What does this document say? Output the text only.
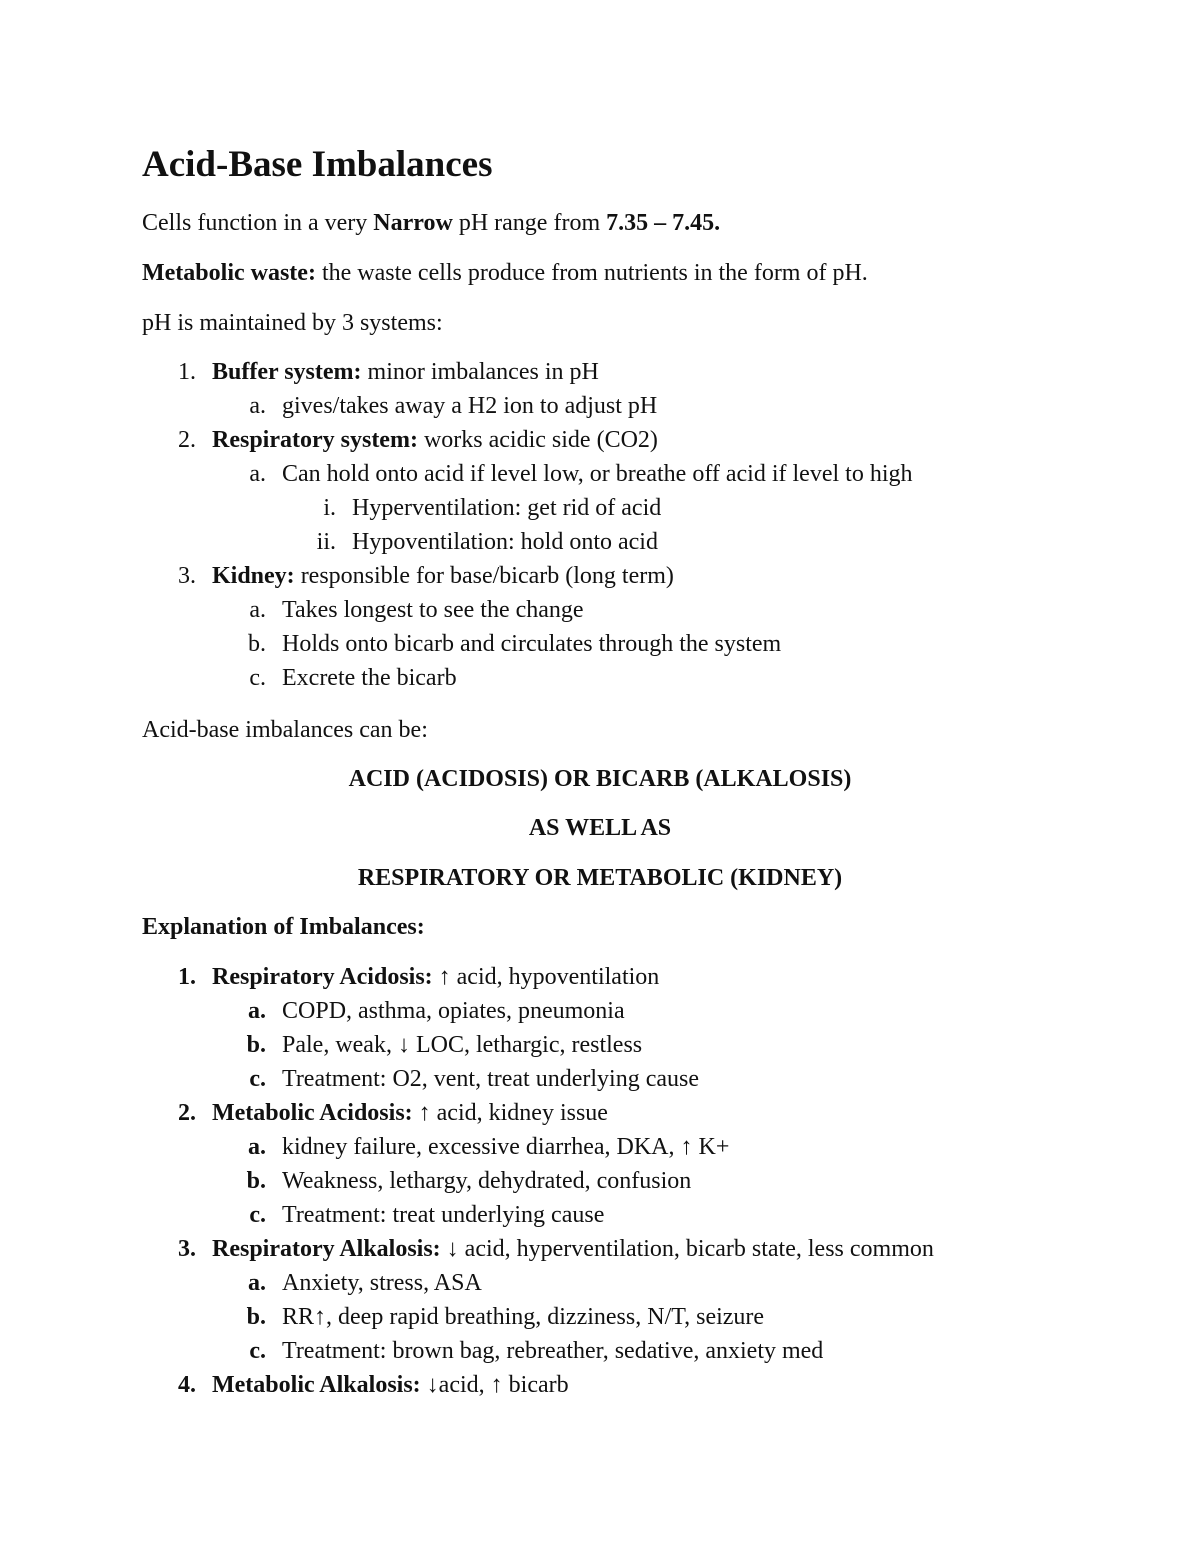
Acid-Base Imbalances
Cells function in a very Narrow pH range from 7.35 – 7.45.
Metabolic waste: the waste cells produce from nutrients in the form of pH.
pH is maintained by 3 systems:
1. Buffer system: minor imbalances in pH
a. gives/takes away a H2 ion to adjust pH
2. Respiratory system: works acidic side (CO2)
a. Can hold onto acid if level low, or breathe off acid if level to high
i. Hyperventilation: get rid of acid
ii. Hypoventilation: hold onto acid
3. Kidney: responsible for base/bicarb (long term)
a. Takes longest to see the change
b. Holds onto bicarb and circulates through the system
c. Excrete the bicarb
Acid-base imbalances can be:
ACID (ACIDOSIS) OR BICARB (ALKALOSIS)
AS WELL AS
RESPIRATORY OR METABOLIC (KIDNEY)
Explanation of Imbalances:
1. Respiratory Acidosis: ↑ acid, hypoventilation
a. COPD, asthma, opiates, pneumonia
b. Pale, weak, ↓ LOC, lethargic, restless
c. Treatment: O2, vent, treat underlying cause
2. Metabolic Acidosis: ↑ acid, kidney issue
a. kidney failure, excessive diarrhea, DKA, ↑ K+
b. Weakness, lethargy, dehydrated, confusion
c. Treatment: treat underlying cause
3. Respiratory Alkalosis: ↓ acid, hyperventilation, bicarb state, less common
a. Anxiety, stress, ASA
b. RR↑, deep rapid breathing, dizziness, N/T, seizure
c. Treatment: brown bag, rebreather, sedative, anxiety med
4. Metabolic Alkalosis: ↓acid, ↑ bicarb
